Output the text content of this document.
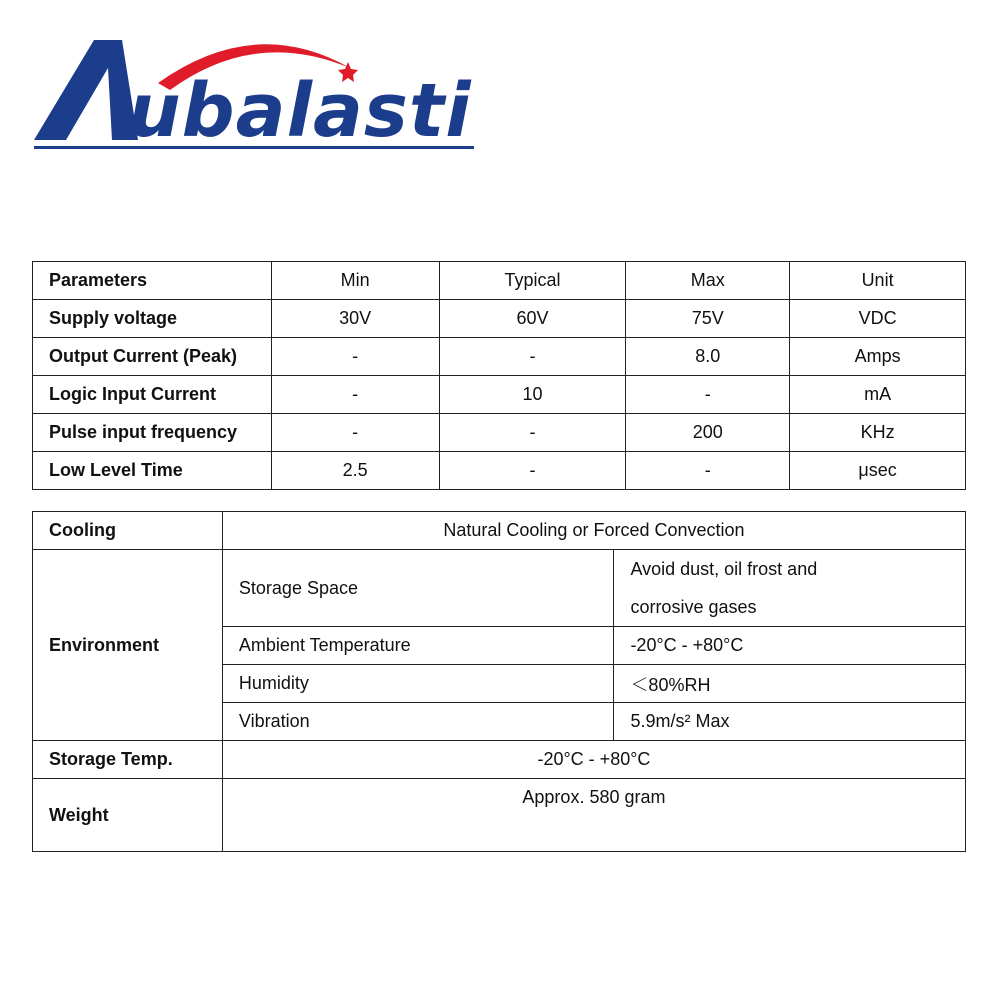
ubalasti
Parameters	Min	Typical	Max	Unit
Supply voltage	30V	60V	75V	VDC
Output Current (Peak)	-	-	8.0	Amps
Logic Input Current	-	10	-	mA
Pulse input frequency	-	-	200	KHz
Low Level Time	2.5	-	-	μsec
Cooling	Natural Cooling or Forced Convection	
Environment	Storage Space	Avoid dust, oil frost and
corrosive gases

	Ambient Temperature	-20°C - +80°C
	Humidity	＜80%RH
	Vibration	5.9m/s² Max
Storage Temp.	-20°C - +80°C	
Weight	Approx. 580 gram	
